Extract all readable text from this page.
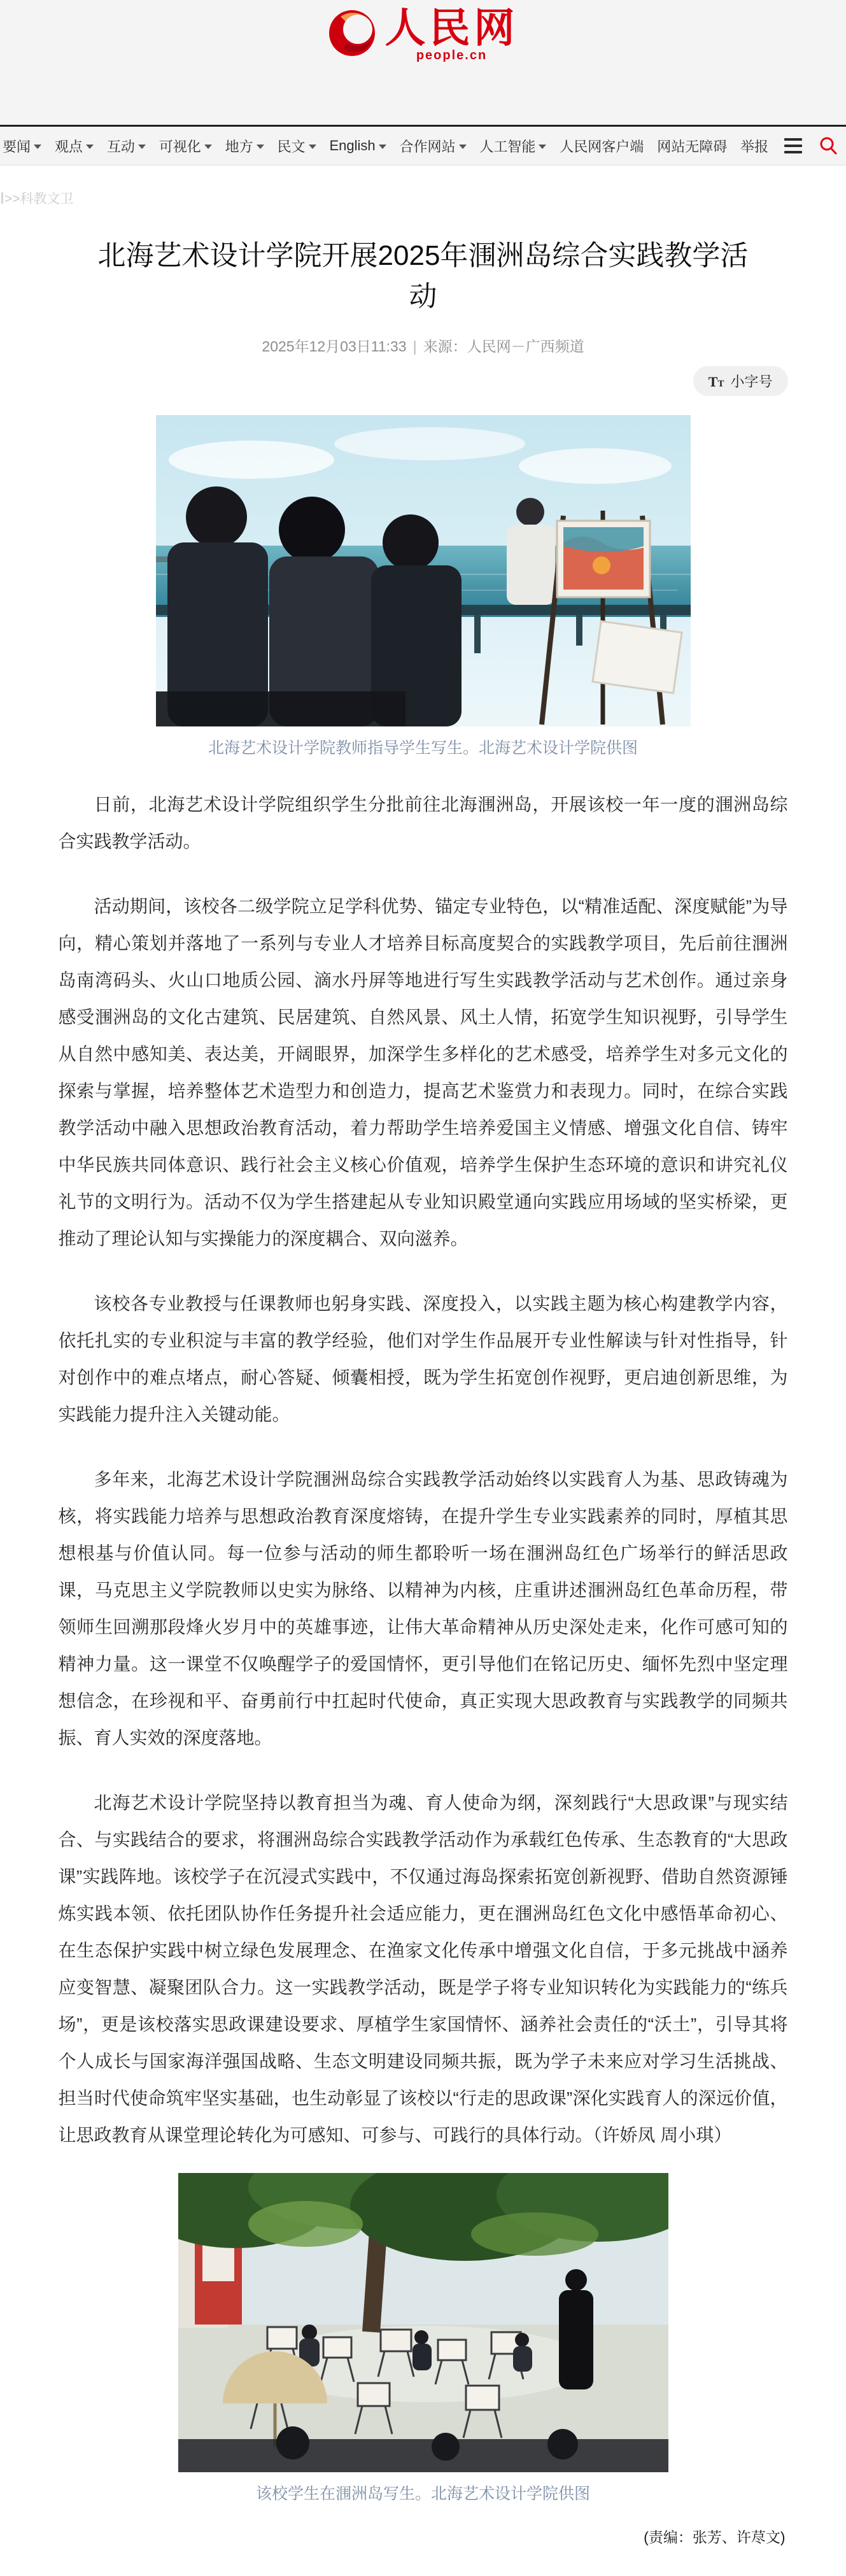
人民网
people.cn
要闻 观点 互动 可视化 地方 民文 English 合作网站 人工智能 人民网客户端 网站无障碍 举报
>>科教文卫
北海艺术设计学院开展2025年涠洲岛综合实践教学活动
2025年12月03日11:33 | 来源：人民网－广西频道
TT 小字号
北海艺术设计学院教师指导学生写生。北海艺术设计学院供图

日前，北海艺术设计学院组织学生分批前往北海涠洲岛，开展该校一年一度的涠洲岛综合实践教学活动。

活动期间，该校各二级学院立足学科优势、锚定专业特色，以“精准适配、深度赋能”为导向，精心策划并落地了一系列与专业人才培养目标高度契合的实践教学项目，先后前往涠洲岛南湾码头、火山口地质公园、滴水丹屏等地进行写生实践教学活动与艺术创作。通过亲身感受涠洲岛的文化古建筑、民居建筑、自然风景、风土人情，拓宽学生知识视野，引导学生从自然中感知美、表达美，开阔眼界，加深学生多样化的艺术感受，培养学生对多元文化的探索与掌握，培养整体艺术造型力和创造力，提高艺术鉴赏力和表现力。同时，在综合实践教学活动中融入思想政治教育活动，着力帮助学生培养爱国主义情感、增强文化自信、铸牢中华民族共同体意识、践行社会主义核心价值观，培养学生保护生态环境的意识和讲究礼仪礼节的文明行为。活动不仅为学生搭建起从专业知识殿堂通向实践应用场域的坚实桥梁，更推动了理论认知与实操能力的深度耦合、双向滋养。

该校各专业教授与任课教师也躬身实践、深度投入，以实践主题为核心构建教学内容，依托扎实的专业积淀与丰富的教学经验，他们对学生作品展开专业性解读与针对性指导，针对创作中的难点堵点，耐心答疑、倾囊相授，既为学生拓宽创作视野，更启迪创新思维，为实践能力提升注入关键动能。

多年来，北海艺术设计学院涠洲岛综合实践教学活动始终以实践育人为基、思政铸魂为核，将实践能力培养与思想政治教育深度熔铸，在提升学生专业实践素养的同时，厚植其思想根基与价值认同。每一位参与活动的师生都聆听一场在涠洲岛红色广场举行的鲜活思政课，马克思主义学院教师以史实为脉络、以精神为内核，庄重讲述涠洲岛红色革命历程，带领师生回溯那段烽火岁月中的英雄事迹，让伟大革命精神从历史深处走来，化作可感可知的精神力量。这一课堂不仅唤醒学子的爱国情怀，更引导他们在铭记历史、缅怀先烈中坚定理想信念，在珍视和平、奋勇前行中扛起时代使命，真正实现大思政教育与实践教学的同频共振、育人实效的深度落地。

北海艺术设计学院坚持以教育担当为魂、育人使命为纲，深刻践行“大思政课”与现实结合、与实践结合的要求，将涠洲岛综合实践教学活动作为承载红色传承、生态教育的“大思政课”实践阵地。该校学子在沉浸式实践中，不仅通过海岛探索拓宽创新视野、借助自然资源锤炼实践本领、依托团队协作任务提升社会适应能力，更在涠洲岛红色文化中感悟革命初心、在生态保护实践中树立绿色发展理念、在渔家文化传承中增强文化自信，于多元挑战中涵养应变智慧、凝聚团队合力。这一实践教学活动，既是学子将专业知识转化为实践能力的“练兵场”，更是该校落实思政课建设要求、厚植学生家国情怀、涵养社会责任的“沃土”，引导其将个人成长与国家海洋强国战略、生态文明建设同频共振，既为学子未来应对学习生活挑战、担当时代使命筑牢坚实基础，也生动彰显了该校以“行走的思政课”深化实践育人的深远价值，让思政教育从课堂理论转化为可感知、可参与、可践行的具体行动。（许娇凤 周小琪）

该校学生在涠洲岛写生。北海艺术设计学院供图
(责编：张芳、许荩文)
